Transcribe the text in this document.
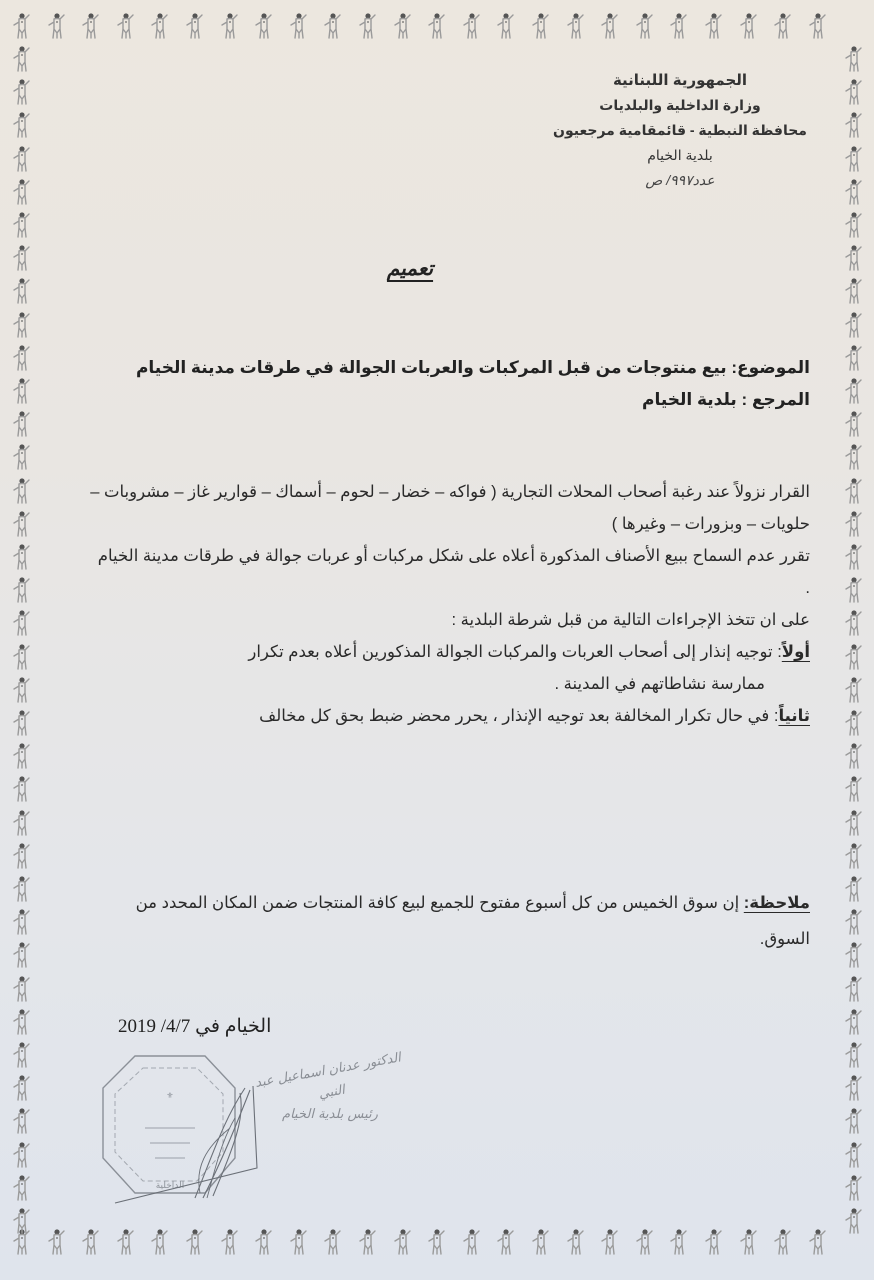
الجمهورية اللبنانية
وزارة الداخلية والبلديات
محافظة النبطية - قائمقامية مرجعيون
بلدية الخيام
عدد٩٩٧/ ص
تعميم
الموضوع: بيع منتوجات من قبل المركبات والعربات الجوالة في طرقات مدينة الخيام
المرجع : بلدية الخيام

القرار نزولاً عند رغبة أصحاب المحلات التجارية ( فواكه – خضار – لحوم – أسماك – قوارير غاز – مشروبات – حلويات – وبزورات – وغيرها )

تقرر عدم السماح ببيع الأصناف المذكورة أعلاه على شكل مركبات أو عربات جوالة في طرقات مدينة الخيام .

على ان تتخذ الإجراءات التالية من قبل شرطة البلدية :

أولاً: توجيه إنذار إلى أصحاب العربات والمركبات الجوالة المذكورين أعلاه بعدم تكرار

ممارسة نشاطاتهم في المدينة .

ثانياً: في حال تكرار المخالفة بعد توجيه الإنذار ، يحرر محضر ضبط بحق كل مخالف

ملاحظة: إن سوق الخميس من كل أسبوع مفتوح للجميع لبيع كافة المنتجات ضمن المكان المحدد من السوق.
الخيام في 4/7/ 2019
⚜
الداخلية
الدكتور عدنان اسماعيل عبد النبي
رئيس بلدية الخيام
